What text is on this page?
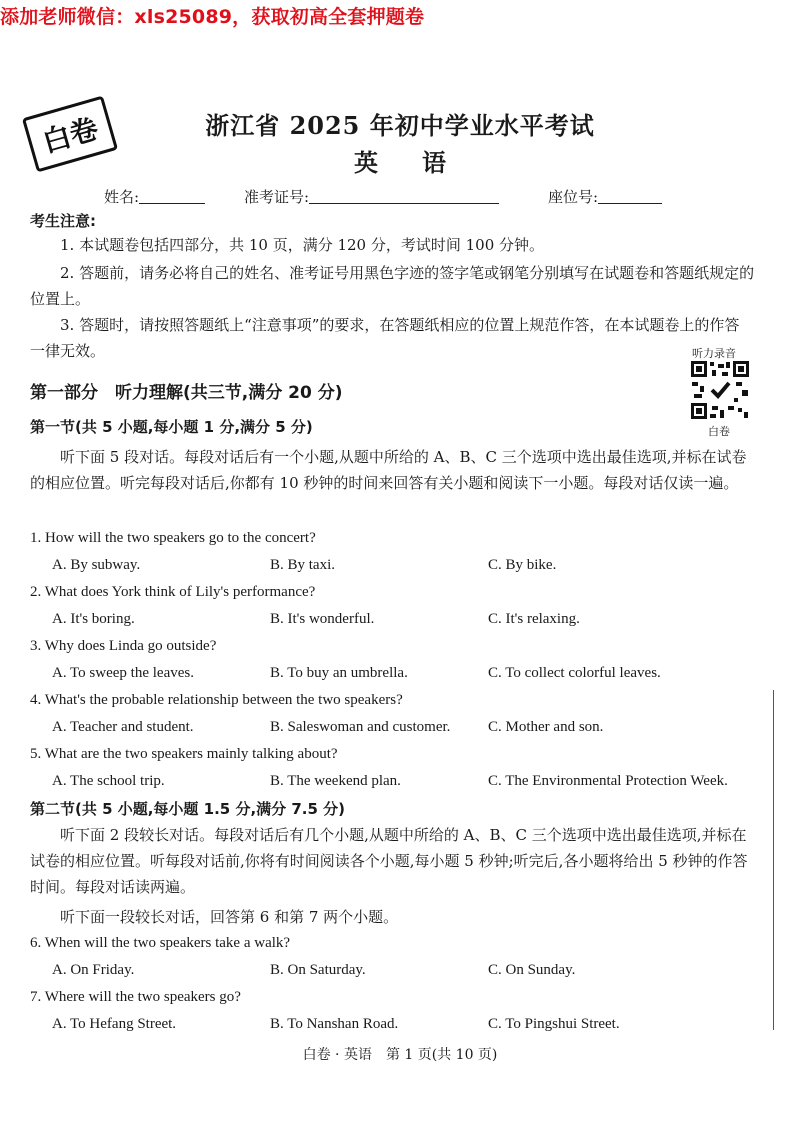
添加老师微信：xls25089，获取初高全套押题卷
白卷	浙江省 2025 年初中学业水平考试
英语
姓名:	准考证号:	座位号:
考生注意:
1. 本试题卷包括四部分，共 10 页，满分 120 分，考试时间 100 分钟。
2. 答题前，请务必将自己的姓名、准考证号用黑色字迹的签字笔或钢笔分别填写在试题卷和答题纸规定的位置上。
3. 答题时，请按照答题纸上“注意事项”的要求，在答题纸相应的位置上规范作答，在本试题卷上的作答一律无效。	听力录音
白卷
第一部分　听力理解(共三节,满分 20 分)
第一节(共 5 小题,每小题 1 分,满分 5 分)
听下面 5 段对话。每段对话后有一个小题,从题中所给的 A、B、C 三个选项中选出最佳选项,并标在试卷的相应位置。听完每段对话后,你都有 10 秒钟的时间来回答有关小题和阅读下一小题。每段对话仅读一遍。
1. How will the two speakers go to the concert?
A. By subway.	B. By taxi.	C. By bike.
2. What does York think of Lily's performance?
A. It's boring.	B. It's wonderful.	C. It's relaxing.
3. Why does Linda go outside?
A. To sweep the leaves.	B. To buy an umbrella.	C. To collect colorful leaves.
4. What's the probable relationship between the two speakers?
A. Teacher and student.	B. Saleswoman and customer.	C. Mother and son.
5. What are the two speakers mainly talking about?
A. The school trip.	B. The weekend plan.	C. The Environmental Protection Week.
第二节(共 5 小题,每小题 1.5 分,满分 7.5 分)
听下面 2 段较长对话。每段对话后有几个小题,从题中所给的 A、B、C 三个选项中选出最佳选项,并标在试卷的相应位置。听每段对话前,你将有时间阅读各个小题,每小题 5 秒钟;听完后,各小题将给出 5 秒钟的作答时间。每段对话读两遍。
听下面一段较长对话，回答第 6 和第 7 两个小题。
6. When will the two speakers take a walk?
A. On Friday.	B. On Saturday.	C. On Sunday.
7. Where will the two speakers go?
A. To Hefang Street.	B. To Nanshan Road.	C. To Pingshui Street.
白卷 · 英语　第 1 页(共 10 页)
